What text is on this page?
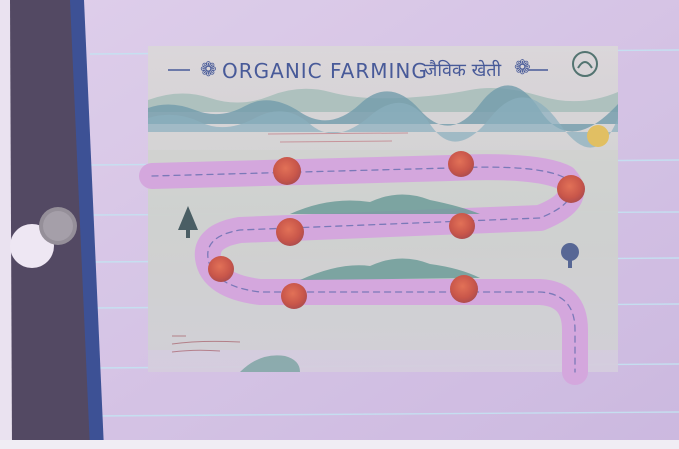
❁ ORGANIC FARMING
जैविक खेती ❁
